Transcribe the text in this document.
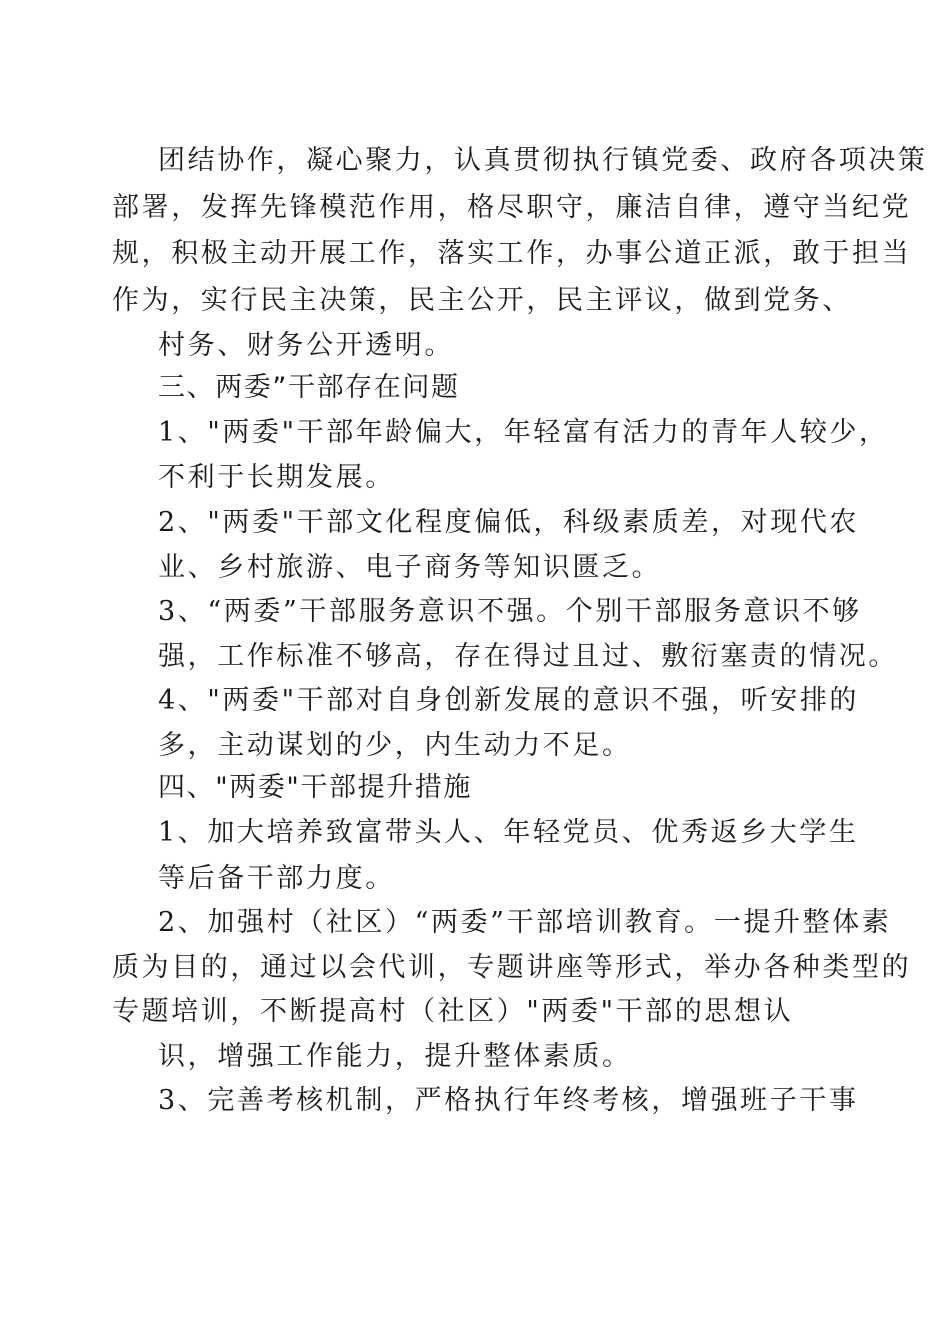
团结协作，凝心聚力，认真贯彻执行镇党委、政府各项决策
部署，发挥先锋模范作用，格尽职守，廉洁自律，遵守当纪党
规，积极主动开展工作，落实工作，办事公道正派，敢于担当
作为，实行民主决策，民主公开，民主评议，做到党务、
村务、财务公开透明。
三、两委”干部存在问题
1、"两委"干部年龄偏大，年轻富有活力的青年人较少，
不利于长期发展。
2、"两委"干部文化程度偏低，科级素质差，对现代农
业、乡村旅游、电子商务等知识匮乏。
3、“两委”干部服务意识不强。个别干部服务意识不够
强，工作标准不够高，存在得过且过、敷衍塞责的情况。
4、"两委"干部对自身创新发展的意识不强，听安排的
多，主动谋划的少，内生动力不足。
四、"两委"干部提升措施
1、加大培养致富带头人、年轻党员、优秀返乡大学生
等后备干部力度。
2、加强村（社区）“两委”干部培训教育。一提升整体素
质为目的，通过以会代训，专题讲座等形式，举办各种类型的
专题培训，不断提高村（社区）"两委"干部的思想认
识，增强工作能力，提升整体素质。
3、完善考核机制，严格执行年终考核，增强班子干事
